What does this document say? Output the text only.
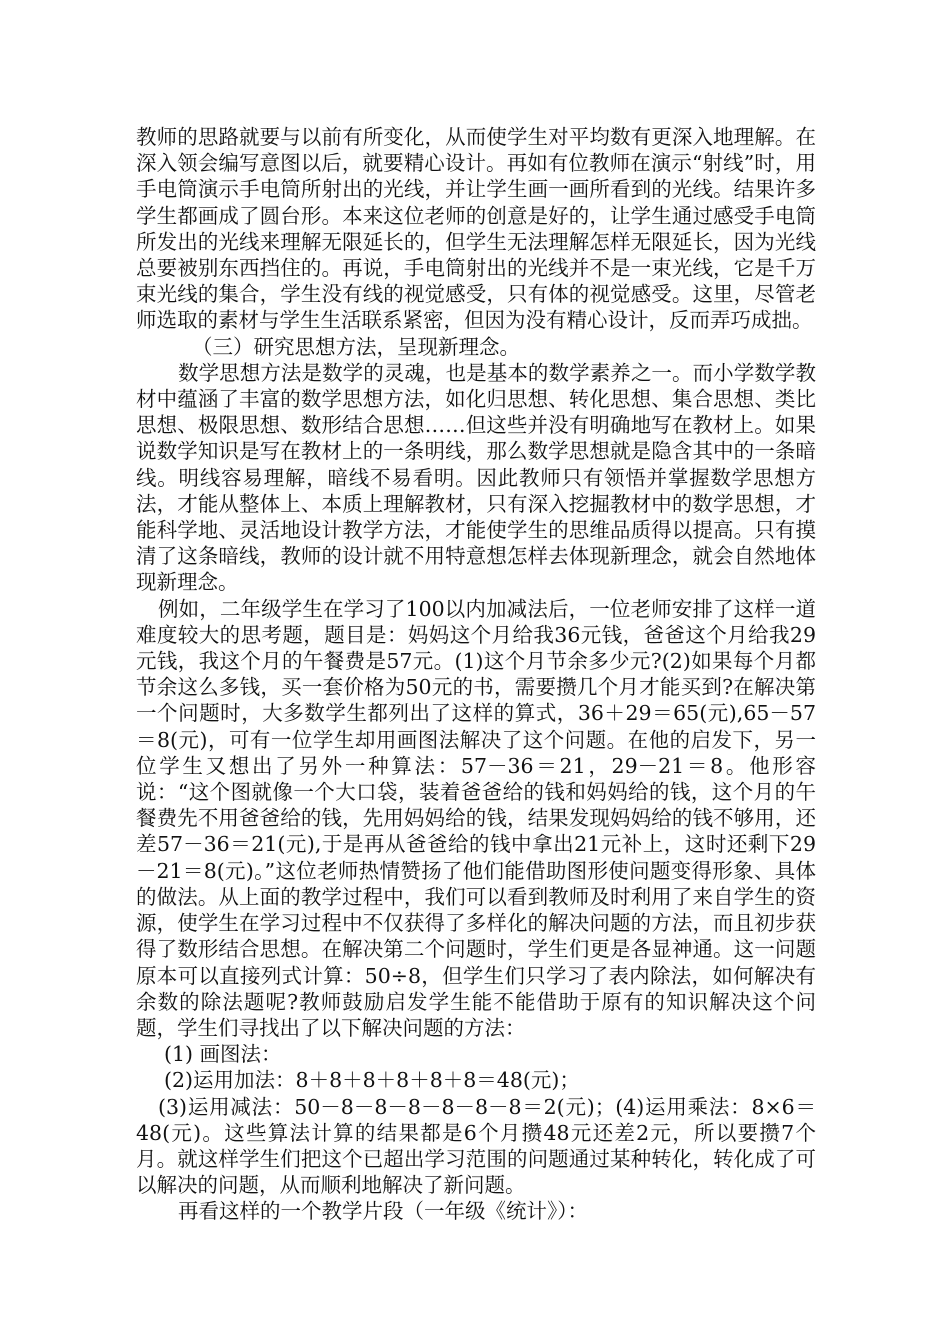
教师的思路就要与以前有所变化，从而使学生对平均数有更深入地理解。在深入领会编写意图以后，就要精心设计。再如有位教师在演示“射线”时，用手电筒演示手电筒所射出的光线，并让学生画一画所看到的光线。结果许多学生都画成了圆台形。本来这位老师的创意是好的，让学生通过感受手电筒所发出的光线来理解无限延长的，但学生无法理解怎样无限延长，因为光线总要被别东西挡住的。再说，手电筒射出的光线并不是一束光线，它是千万束光线的集合，学生没有线的视觉感受，只有体的视觉感受。这里，尽管老师选取的素材与学生生活联系紧密，但因为没有精心设计，反而弄巧成拙。

（三）研究思想方法，呈现新理念。

数学思想方法是数学的灵魂，也是基本的数学素养之一。而小学数学教材中蕴涵了丰富的数学思想方法，如化归思想、转化思想、集合思想、类比思想、极限思想、数形结合思想……但这些并没有明确地写在教材上。如果说数学知识是写在教材上的一条明线，那么数学思想就是隐含其中的一条暗线。明线容易理解，暗线不易看明。因此教师只有领悟并掌握数学思想方法，才能从整体上、本质上理解教材，只有深入挖掘教材中的数学思想，才能科学地、灵活地设计教学方法，才能使学生的思维品质得以提高。只有摸清了这条暗线，教师的设计就不用特意想怎样去体现新理念，就会自然地体现新理念。

例如，二年级学生在学习了100以内加减法后，一位老师安排了这样一道难度较大的思考题，题目是：妈妈这个月给我36元钱，爸爸这个月给我29元钱，我这个月的午餐费是57元。(1)这个月节余多少元?(2)如果每个月都节余这么多钱，买一套价格为50元的书，需要攒几个月才能买到?在解决第一个问题时，大多数学生都列出了这样的算式，36＋29＝65(元),65－57＝8(元)，可有一位学生却用画图法解决了这个问题。在他的启发下，另一位学生又想出了另外一种算法：57－36＝21，29－21＝8。他形容说：“这个图就像一个大口袋，装着爸爸给的钱和妈妈给的钱，这个月的午餐费先不用爸爸给的钱，先用妈妈给的钱，结果发现妈妈给的钱不够用，还差57－36＝21(元),于是再从爸爸给的钱中拿出21元补上，这时还剩下29－21＝8(元)。”这位老师热情赞扬了他们能借助图形使问题变得形象、具体的做法。从上面的教学过程中，我们可以看到教师及时利用了来自学生的资源，使学生在学习过程中不仅获得了多样化的解决问题的方法，而且初步获得了数形结合思想。在解决第二个问题时，学生们更是各显神通。这一问题原本可以直接列式计算：50÷8，但学生们只学习了表内除法，如何解决有余数的除法题呢?教师鼓励启发学生能不能借助于原有的知识解决这个问题，学生们寻找出了以下解决问题的方法：

(1) 画图法：

(2)运用加法：8＋8＋8＋8＋8＋8＝48(元)；

(3)运用减法：50－8－8－8－8－8－8＝2(元)；(4)运用乘法：8×6＝48(元)。这些算法计算的结果都是6个月攒48元还差2元，所以要攒7个月。就这样学生们把这个已超出学习范围的问题通过某种转化，转化成了可以解决的问题，从而顺利地解决了新问题。

再看这样的一个教学片段（一年级《统计》）：
